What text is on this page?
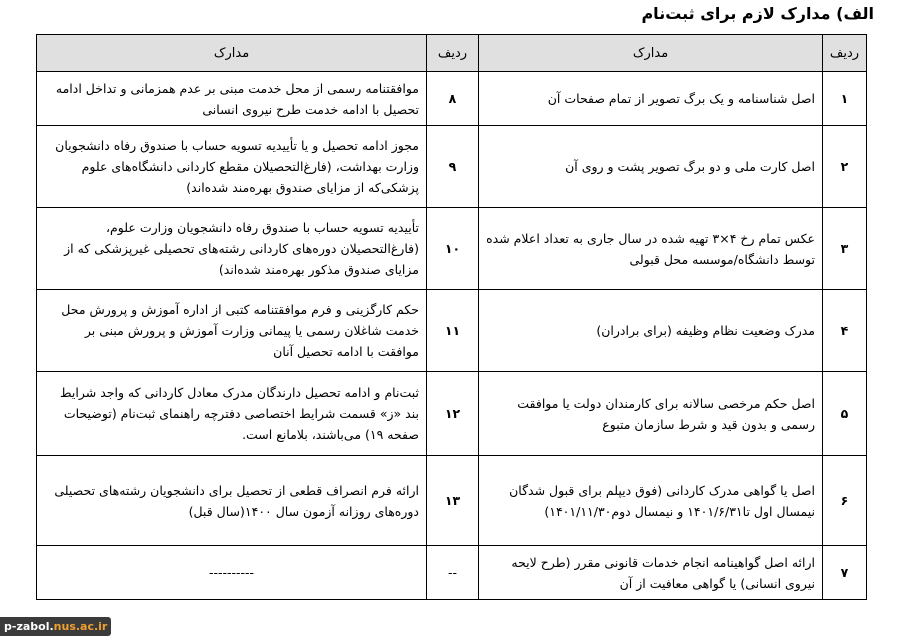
الف) مدارک لازم برای ثبت‌نام
ردیف	مدارک	ردیف	مدارک
۱	اصل شناسنامه و یک برگ تصویر از تمام صفحات آن	۸	موافقتنامه رسمی از محل خدمت مبنی بر عدم همزمانی و تداخل ادامه تحصیل با ادامه خدمت طرح نیروی انسانی
۲	اصل کارت ملی و دو برگ تصویر پشت و روی آن	۹	مجوز ادامه تحصیل و یا تأییدیه تسویه حساب با صندوق رفاه دانشجویان وزارت بهداشت، (فارغ‌التحصیلان مقطع کاردانی دانشگاه‌های علوم پزشکی‌که از مزایای صندوق بهره‌مند شده‌اند)
۳	عکس تمام رخ ۴×۳ تهیه شده در سال جاری به تعداد اعلام شده توسط دانشگاه/موسسه محل قبولی	۱۰	تأییدیه تسویه حساب با صندوق رفاه دانشجویان وزارت علوم، (فارغ‌التحصیلان دوره‌های کاردانی رشته‌های تحصیلی غیرپزشکی که از مزایای صندوق مذکور بهره‌مند شده‌اند)
۴	مدرک وضعیت نظام وظیفه (برای برادران)	۱۱	حکم کارگزینی و فرم موافقتنامه کتبی از اداره آموزش و پرورش محل خدمت شاغلان رسمی یا پیمانی وزارت آموزش و پرورش مبنی بر موافقت با ادامه تحصیل آنان
۵	اصل حکم مرخصی سالانه برای کارمندان دولت یا موافقت رسمی و بدون قید و شرط سازمان متبوع	۱۲	ثبت‌نام و ادامه تحصیل دارندگان مدرک معادل کاردانی که واجد شرایط بند «ز» قسمت شرایط اختصاصی دفترچه راهنمای ثبت‌نام (توضیحات صفحه ۱۹) می‌باشند، بلامانع است.
۶	اصل یا گواهی مدرک کاردانی (فوق دیپلم برای قبول شدگان نیمسال اول تا۱۴۰۱/۶/۳۱ و نیمسال دوم۱۴۰۱/۱۱/۳۰)	۱۳	ارائه فرم انصراف قطعی از تحصیل برای دانشجویان رشته‌های تحصیلی دوره‌های روزانه آزمون سال ۱۴۰۰(سال قبل)
۷	ارائه اصل گواهینامه انجام خدمات قانونی مقرر (طرح لایحه نیروی انسانی) یا گواهی معافیت از آن	--	----------
p-zabol.nus.ac.ir
